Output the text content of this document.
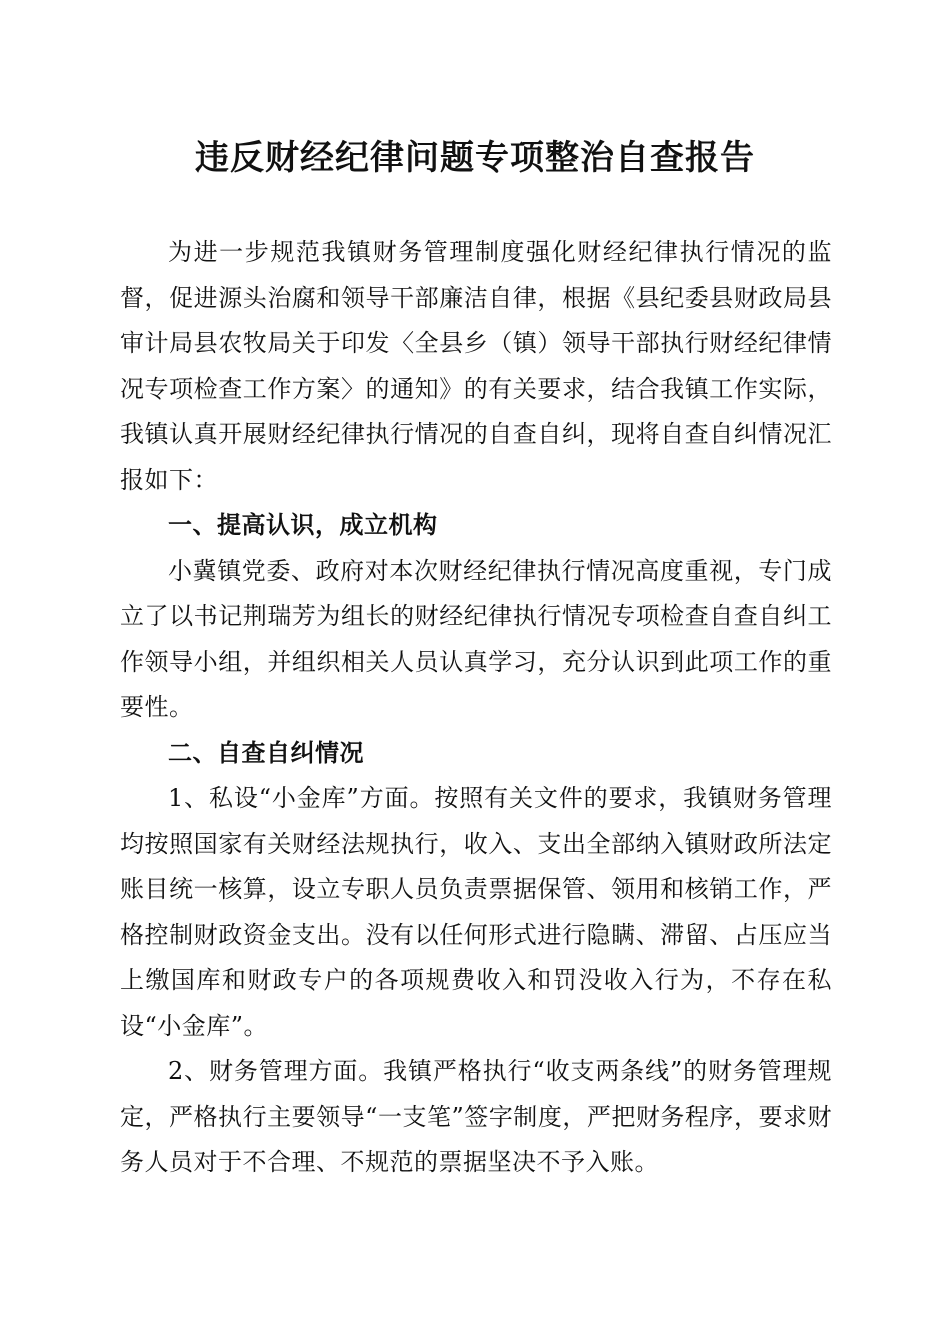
违反财经纪律问题专项整治自查报告

为进一步规范我镇财务管理制度强化财经纪律执行情况的监督，促进源头治腐和领导干部廉洁自律，根据《县纪委县财政局县审计局县农牧局关于印发〈全县乡（镇）领导干部执行财经纪律情况专项检查工作方案〉的通知》的有关要求，结合我镇工作实际，我镇认真开展财经纪律执行情况的自查自纠，现将自查自纠情况汇报如下：

一、提高认识，成立机构

小冀镇党委、政府对本次财经纪律执行情况高度重视，专门成立了以书记荆瑞芳为组长的财经纪律执行情况专项检查自查自纠工作领导小组，并组织相关人员认真学习，充分认识到此项工作的重要性。

二、自查自纠情况

1、私设“小金库”方面。按照有关文件的要求，我镇财务管理均按照国家有关财经法规执行，收入、支出全部纳入镇财政所法定账目统一核算，设立专职人员负责票据保管、领用和核销工作，严格控制财政资金支出。没有以任何形式进行隐瞒、滞留、占压应当上缴国库和财政专户的各项规费收入和罚没收入行为，不存在私设“小金库”。

2、财务管理方面。我镇严格执行“收支两条线”的财务管理规定，严格执行主要领导“一支笔”签字制度，严把财务程序，要求财务人员对于不合理、不规范的票据坚决不予入账。
